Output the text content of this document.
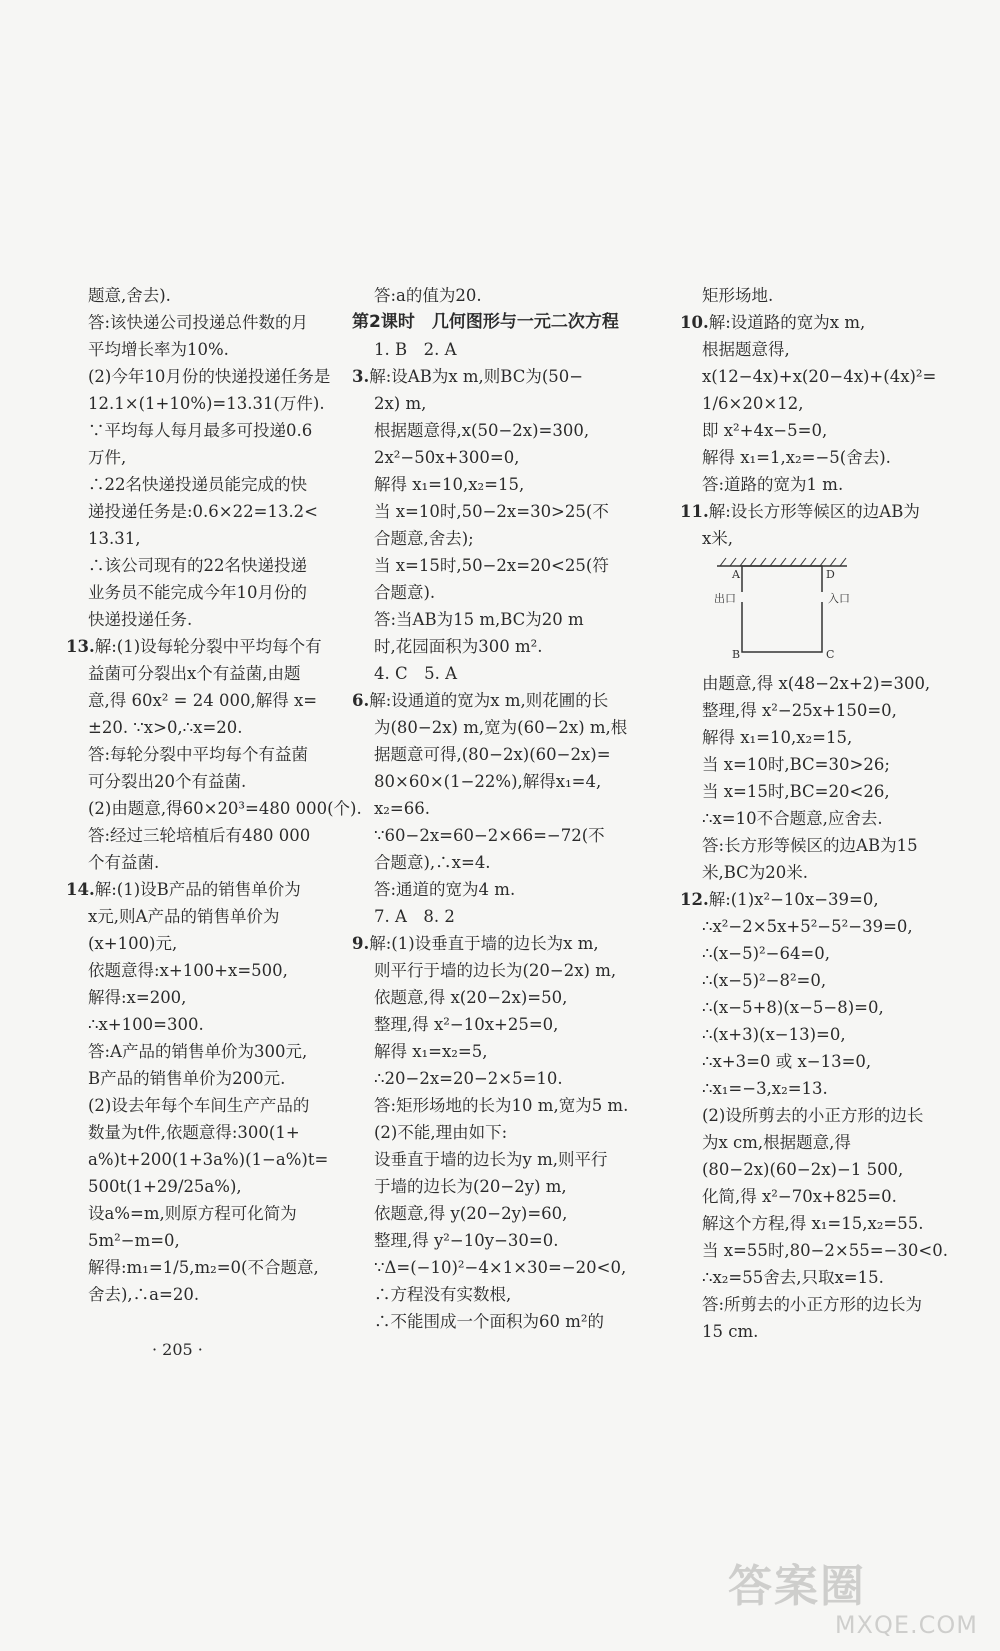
题意,舍去).
答:该快递公司投递总件数的月
平均增长率为10%.
(2)今年10月份的快递投递任务是
12.1×(1+10%)=13.31(万件).
∵平均每人每月最多可投递0.6
万件,
∴22名快递投递员能完成的快
递投递任务是:0.6×22=13.2<
13.31,
∴该公司现有的22名快递投递
业务员不能完成今年10月份的
快递投递任务.
13.解:(1)设每轮分裂中平均每个有
益菌可分裂出x个有益菌,由题
意,得 60x² = 24 000,解得 x=
±20. ∵x>0,∴x=20.
答:每轮分裂中平均每个有益菌
可分裂出20个有益菌.
(2)由题意,得60×20³=480 000(个).
答:经过三轮培植后有480 000
个有益菌.
14.解:(1)设B产品的销售单价为
x元,则A产品的销售单价为
(x+100)元,
依题意得:x+100+x=500,
解得:x=200,
∴x+100=300.
答:A产品的销售单价为300元,
B产品的销售单价为200元.
(2)设去年每个车间生产产品的
数量为t件,依题意得:300(1+
a%)t+200(1+3a%)(1−a%)t=
500t(1+29/25a%),
设a%=m,则原方程可化简为
5m²−m=0,
解得:m₁=1/5,m₂=0(不合题意,
舍去),∴a=20.
答:a的值为20.
第2课时　几何图形与一元二次方程
1. B　2. A
3.解:设AB为x m,则BC为(50−
2x) m,
根据题意得,x(50−2x)=300,
2x²−50x+300=0,
解得 x₁=10,x₂=15,
当 x=10时,50−2x=30>25(不
合题意,舍去);
当 x=15时,50−2x=20<25(符
合题意).
答:当AB为15 m,BC为20 m
时,花园面积为300 m².
4. C　5. A
6.解:设通道的宽为x m,则花圃的长
为(80−2x) m,宽为(60−2x) m,根
据题意可得,(80−2x)(60−2x)=
80×60×(1−22%),解得x₁=4,
x₂=66.
∵60−2x=60−2×66=−72(不
合题意),∴x=4.
答:通道的宽为4 m.
7. A　8. 2
9.解:(1)设垂直于墙的边长为x m,
则平行于墙的边长为(20−2x) m,
依题意,得 x(20−2x)=50,
整理,得 x²−10x+25=0,
解得 x₁=x₂=5,
∴20−2x=20−2×5=10.
答:矩形场地的长为10 m,宽为5 m.
(2)不能,理由如下:
设垂直于墙的边长为y m,则平行
于墙的边长为(20−2y) m,
依题意,得 y(20−2y)=60,
整理,得 y²−10y−30=0.
∵Δ=(−10)²−4×1×30=−20<0,
∴方程没有实数根,
∴不能围成一个面积为60 m²的
矩形场地.
10.解:设道路的宽为x m,
根据题意得,
x(12−4x)+x(20−4x)+(4x)²=
1/6×20×12,
即 x²+4x−5=0,
解得 x₁=1,x₂=−5(舍去).
答:道路的宽为1 m.
11.解:设长方形等候区的边AB为
x米,
A	D
B	C
出口	入口
由题意,得 x(48−2x+2)=300,
整理,得 x²−25x+150=0,
解得 x₁=10,x₂=15,
当 x=10时,BC=30>26;
当 x=15时,BC=20<26,
∴x=10不合题意,应舍去.
答:长方形等候区的边AB为15
米,BC为20米.
12.解:(1)x²−10x−39=0,
∴x²−2×5x+5²−5²−39=0,
∴(x−5)²−64=0,
∴(x−5)²−8²=0,
∴(x−5+8)(x−5−8)=0,
∴(x+3)(x−13)=0,
∴x+3=0 或 x−13=0,
∴x₁=−3,x₂=13.
(2)设所剪去的小正方形的边长
为x cm,根据题意,得
(80−2x)(60−2x)−1 500,
化简,得 x²−70x+825=0.
解这个方程,得 x₁=15,x₂=55.
当 x=55时,80−2×55=−30<0.
∴x₂=55舍去,只取x=15.
答:所剪去的小正方形的边长为
15 cm.
· 205 ·
答案圈
MXQE.COM
